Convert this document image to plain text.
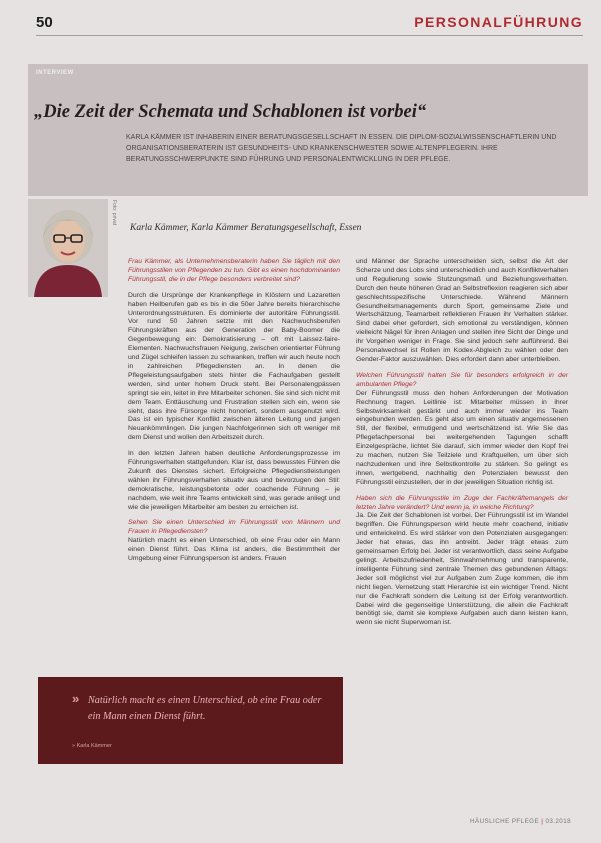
50	PERSONALFÜHRUNG
INTERVIEW
„Die Zeit der Schemata und Schablonen ist vorbei“
KARLA KÄMMER IST INHABERIN EINER BERATUNGSGESELLSCHAFT IN ESSEN. DIE DIPLOM-SOZIALWISSENSCHAFTLERIN UND ORGANISATIONSBERATERIN IST GESUNDHEITS- UND KRANKENSCHWESTER SOWIE ALTENPFLEGERIN. IHRE BERATUNGSSCHWERPUNKTE SIND FÜHRUNG UND PERSONALENTWICKLUNG IN DER PFLEGE.
Foto: privat
Karla Kämmer, Karla Kämmer Beratungsgesellschaft, Essen

Frau Kämmer, als Unternehmensberaterin haben Sie täglich mit den Führungsstilen von Pflegenden zu tun. Gibt es einen hochdominanten Führungsstil, die in der Pflege besonders verbreitet sind?

Durch die Ursprünge der Krankenpflege in Klöstern und Lazaretten haben Heilberufen gab es bis in die 50er Jahre bereits hierarchische Unterordnungsstrukturen. Es dominierte der autoritäre Führungsstil. Vor rund 50 Jahren setzte mit den Nachwuchsberufen Führungskräften aus der Generation der Baby-Boomer die Gegenbewegung ein: Demokratisierung – oft mit Laissez-faire-Elementen. Nachwuchsfrauen Neigung, zwischen orientierter Führung und Zügel schleifen lassen zu schwanken, treffen wir auch heute noch in zahlreichen Pflegediensten an. In denen die Pflegeleistungsaufgaben stets hinter die Fachaufgaben gestellt werden, sind unter hohem Druck steht. Bei Personalengpässen springt sie ein, leitet in ihre Mitarbeiter schonen. Sie sind sich nicht mit dem Team. Enttäuschung und Frustration stellen sich ein, wenn sie sieht, dass ihre Fürsorge nicht honoriert, sondern ausgenutzt wird. Das ist ein typischer Konflikt zwischen älteren Leitung und jungen Neuankömmlingen. Die jungen Nachfolgerinnen sich oft weniger mit dem Dienst und wollen den Arbeitszeit durch.

In den letzten Jahren haben deutliche Anforderungsprozesse im Führungsverhalten stattgefunden. Klar ist, dass bewusstes Führen die Zukunft des Dienstes sichert. Erfolgreiche Pflegedienstleistungen wählen ihr Führungsverhalten situativ aus und bevorzugen den Stil: demokratische, leistungsbetonte oder coachende Führung – je nachdem, wie weit ihre Teams entwickelt sind, was gerade anliegt und wie die jeweiligen Mitarbeiter am besten zu erreichen ist.

Sehen Sie einen Unterschied im Führungsstil von Männern und Frauen in Pflegediensten?
Natürlich macht es einen Unterschied, ob eine Frau oder ein Mann einen Dienst führt. Das Klima ist anders, die Bestimmtheit der Umgebung einer Führungsperson ist anders. Frauen

und Männer der Sprache unterscheiden sich, selbst die Art der Scherze und des Lobs sind unterschiedlich und auch Konfliktverhalten und Regulierung sowie Stutzungsmaß und Beziehungsverhalten. Durch den heute höheren Grad an Selbstreflexion reagieren sich aber geschlechtsspezifische Unterschiede. Während Männern Gesundheitsmanagements durch Sport, gemeinsame Ziele und Wertschätzung, Teamarbeit reflektieren Frauen ihr Verhalten stärker. Sind dabei eher gefordert, sich emotional zu verständigen, können vielleicht Nägel für ihren Anlagen und stellen ihre Sicht der Dinge und ihr Vorgehen weniger in Frage. Sie sind jedoch sehr aufführend. Bei Personalwechsel ist Rollen im Kodex-Abgleich zu wählen oder den Gender-Faktor auszuwählen. Dies erfordert dann aber unterbleiben.

Welchen Führungsstil halten Sie für besonders erfolgreich in der ambulanten Pflege?
Der Führungsstil muss den hohen Anforderungen der Motivation Rechnung tragen. Leitlinie ist: Mitarbeiter müssen in ihrer Selbstwirksamkeit gestärkt und auch immer wieder ins Team eingebunden werden. Es geht also um einen situativ angemessenen Stil, der flexibel, ermutigend und wertschätzend ist. Wie Sie das Pflegefachpersonal bei weitergehenden Tagungen schafft Einzelgespräche, lichtet Sie darauf, sich immer wieder den Kopf frei zu machen, nutzen Sie Teilziele und Kraftquellen, um über sich nachzudenken und ihre Selbstkontrolle zu stärken. So gelingt es ihnen, wertgebend, nachhaltig den Potenzialen bewusst den Führungsstil einzustellen, der in der jeweiligen Situation richtig ist.

Haben sich die Führungsstile im Zuge der Fachkräftemangels der letzten Jahre verändert? Und wenn ja, in welche Richtung?
Ja. Die Zeit der Schablonen ist vorbei. Der Führungsstil ist im Wandel begriffen. Die Führungsperson wirkt heute mehr coachend, initiativ und entwickelnd. Es wird stärker von den Potenzialen ausgegangen: Jeder hat etwas, das ihn antreibt. Jeder trägt etwas zum gemeinsamen Erfolg bei. Jeder ist verantwortlich, dass seine Aufgabe gelingt. Arbeitszufriedenheit, Sinnwahrnehmung und transparente, intelligente Führung sind zentrale Themen des gebundenen Alltags: Jeder soll möglichst viel zur Aufgaben zum Zuge kommen, die ihm nicht liegen. Vernetzung statt Hierarchie ist ein wichtiger Trend. Nicht nur die Fachkraft sondern die Leitung ist der Erfolg verantwortlich. Dabei wird die gegenseitige Unterstützung, die allein die Fachkraft benötigt sie, damit sie komplexe Aufgaben auch dann leisten kann, wenn sie nicht Superwoman ist.

» Natürlich macht es einen Unterschied, ob eine Frau oder ein Mann einen Dienst führt.
» Karla Kämmer
HÄUSLICHE PFLEGE | 03.2018
